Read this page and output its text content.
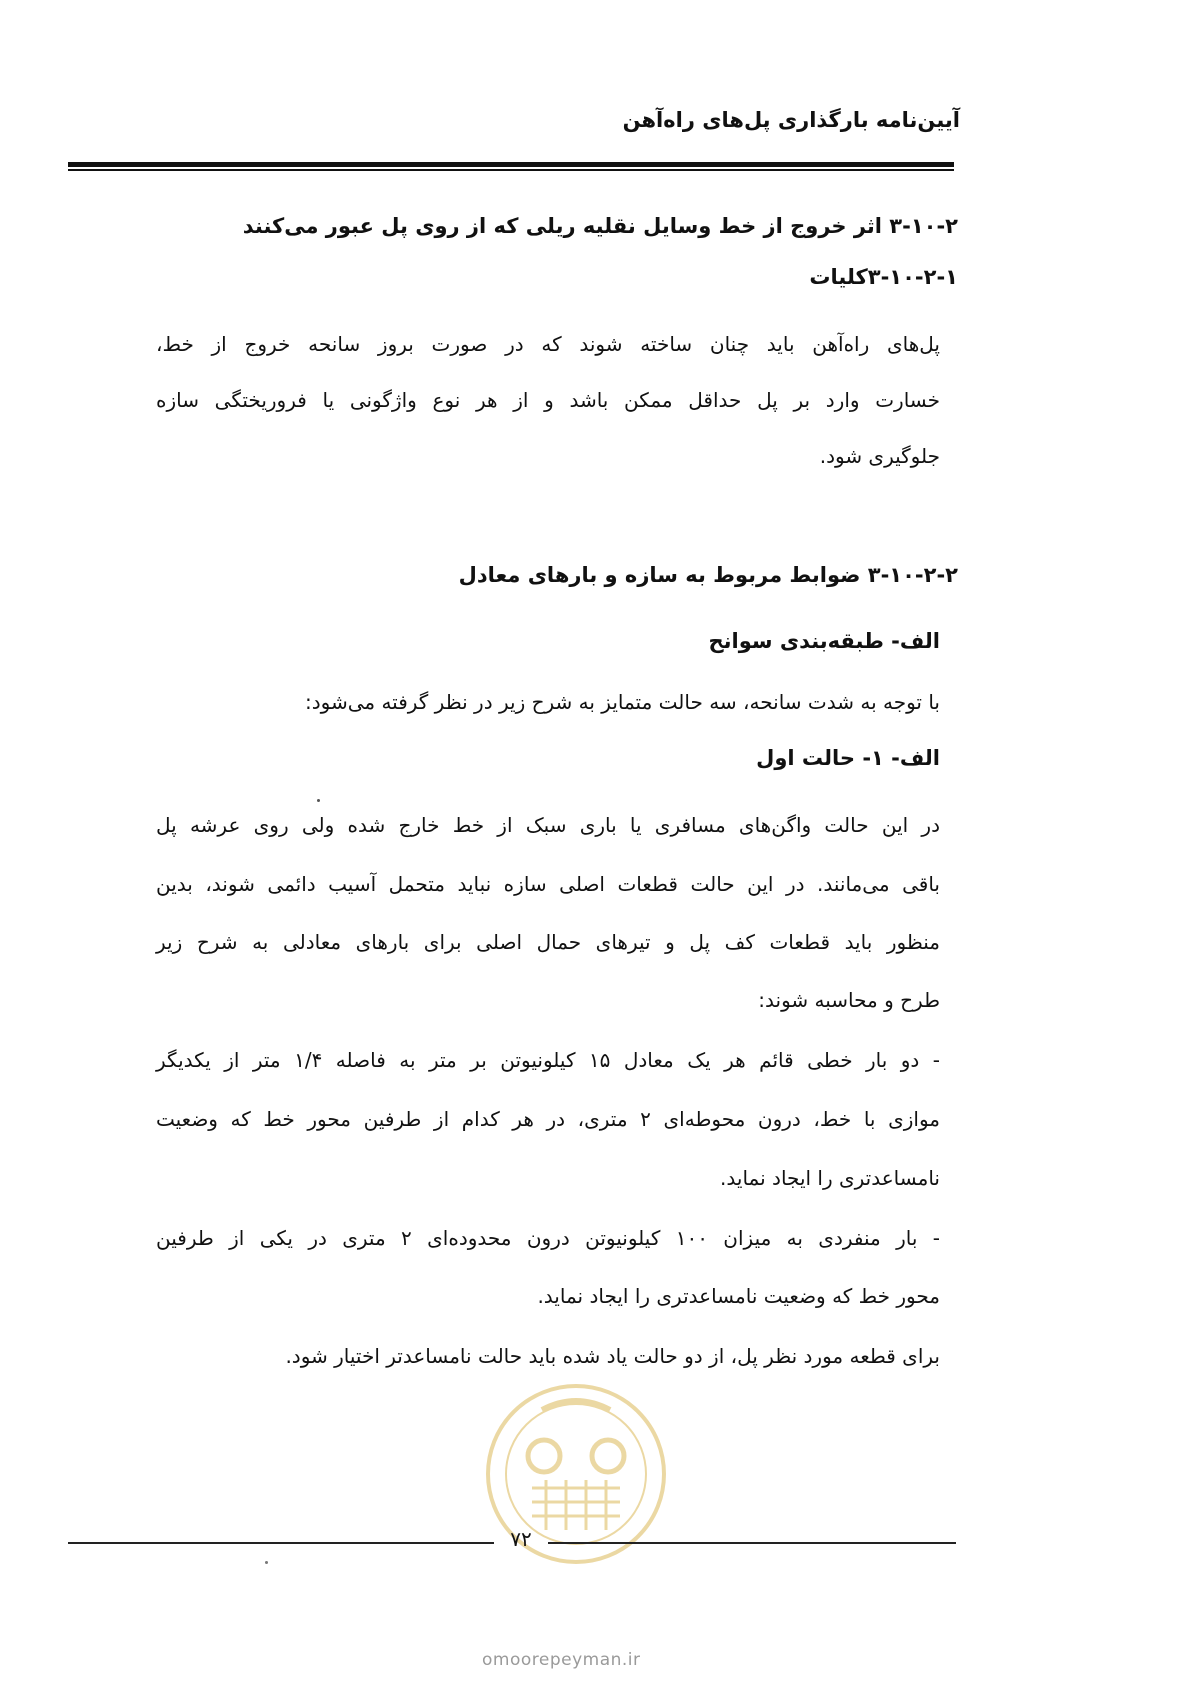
آیین‌نامه بارگذاری پل‌های راه‌آهن
۳-۱۰-۲ اثر خروج از خط وسایل نقلیه ریلی که از روی پل عبور می‌کنند
۳-۱۰-۲-۱کلیات
پل‌های راه‌آهن باید چنان ساخته شوند که در صورت بروز سانحه خروج از خط،
خسارت وارد بر پل حداقل ممکن باشد و از هر نوع واژگونی یا فروریختگی سازه
جلوگیری شود.
۳-۱۰-۲-۲ ضوابط مربوط به سازه و بارهای معادل
الف- طبقه‌بندی سوانح
با توجه به شدت سانحه، سه حالت متمایز به شرح زیر در نظر گرفته می‌شود:
الف- ۱- حالت اول
در این حالت واگن‌های مسافری یا باری سبک از خط خارج شده ولی روی عرشه پل
باقی می‌مانند. در این حالت قطعات اصلی سازه نباید متحمل آسیب دائمی شوند، بدین
منظور باید قطعات کف پل و تیرهای حمال اصلی برای بارهای معادلی به شرح زیر
طرح و محاسبه شوند:
- دو بار خطی قائم هر یک معادل ۱۵ کیلونیوتن بر متر به فاصله ۱/۴ متر از یکدیگر
موازی با خط، درون محوطه‌ای ۲ متری، در هر کدام از طرفین محور خط که وضعیت
نامساعدتری را ایجاد نماید.
- بار منفردی به میزان ۱۰۰ کیلونیوتن درون محدوده‌ای ۲ متری در یکی از طرفین
محور خط که وضعیت نامساعدتری را ایجاد نماید.
برای قطعه مورد نظر پل، از دو حالت یاد شده باید حالت نامساعدتر اختیار شود.
۷۲
omoorepeyman.ir
